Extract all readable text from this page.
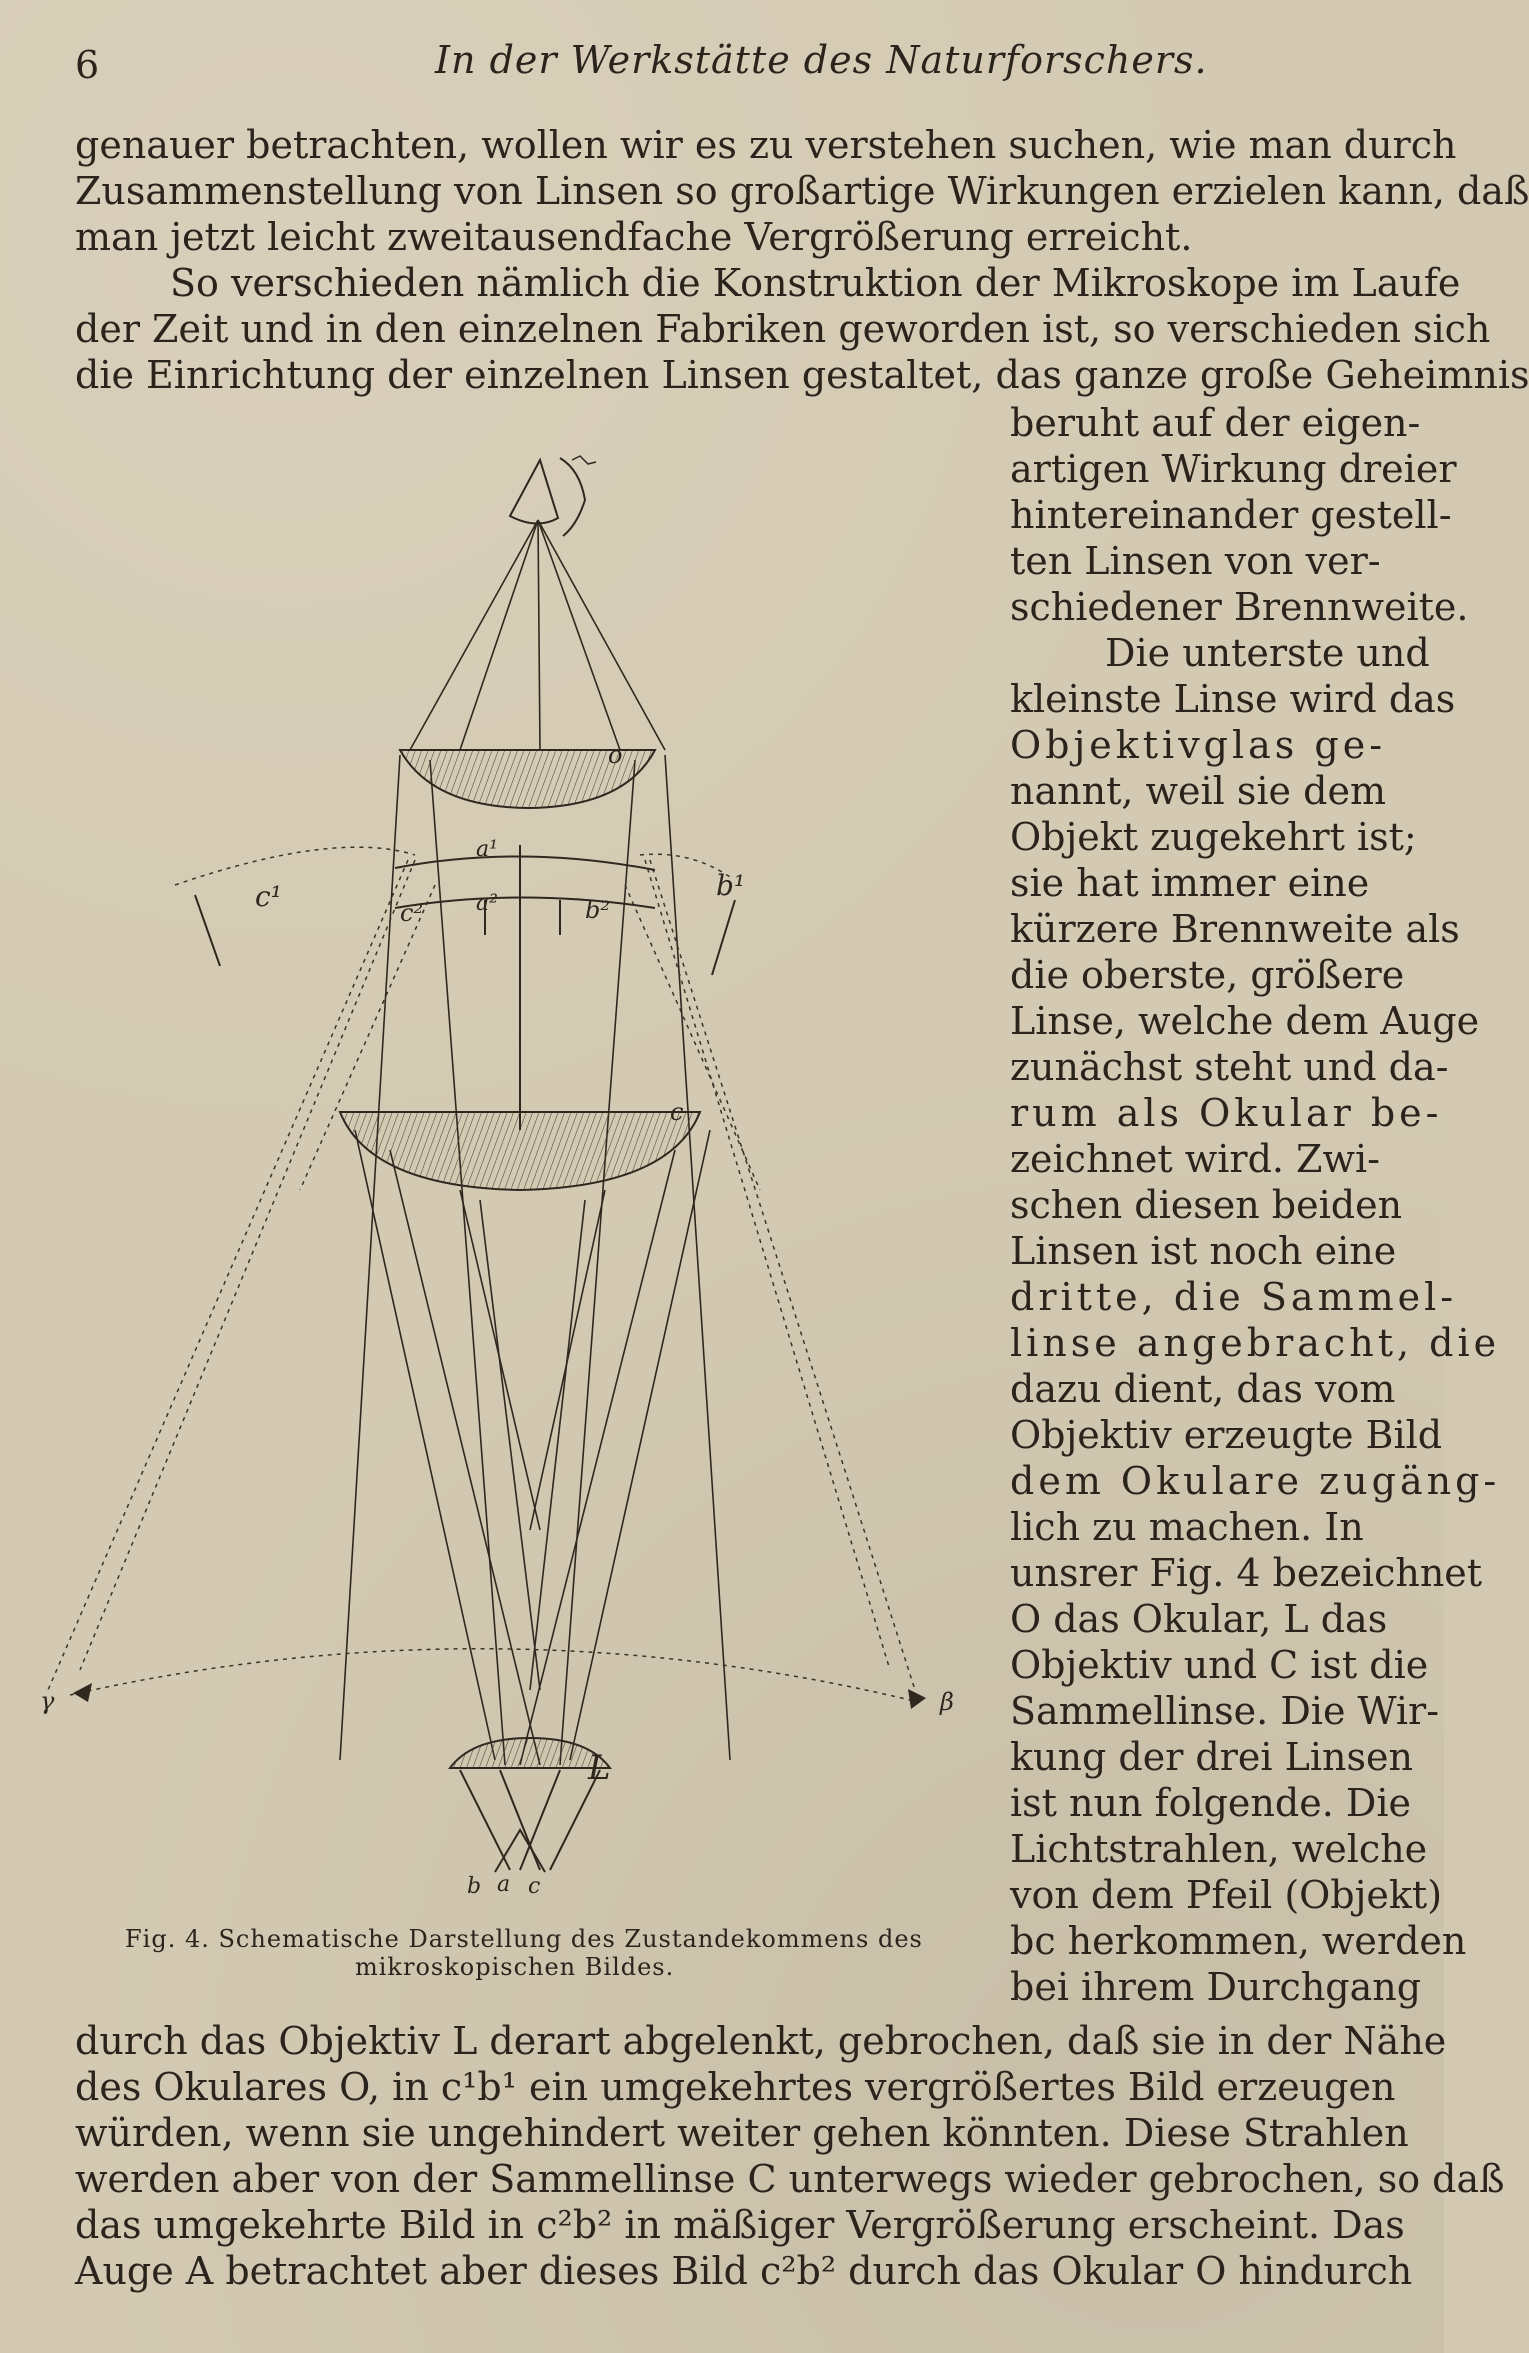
6	In der Werkstätte des Naturforschers.
genauer betrachten, wollen wir es zu verstehen suchen, wie man durch
Zusammenstellung von Linsen so großartige Wirkungen erzielen kann, daß
man jetzt leicht zweitausendfache Vergrößerung erreicht.
So verschieden nämlich die Konstruktion der Mikroskope im Laufe
der Zeit und in den einzelnen Fabriken geworden ist, so verschieden sich
die Einrichtung der einzelnen Linsen gestaltet, das ganze große Geheimnis
o
c¹	b¹
c²	b²
a¹
a²
c
γ	β
L
b a c
Fig. 4. Schematische Darstellung des Zustandekommens des
mikroskopischen Bildes.
beruht auf der eigen-
artigen Wirkung dreier
hintereinander gestell-
ten Linsen von ver-
schiedener Brennweite.
Die unterste und
kleinste Linse wird das
Objektivglas ge-
nannt, weil sie dem
Objekt zugekehrt ist;
sie hat immer eine
kürzere Brennweite als
die oberste, größere
Linse, welche dem Auge
zunächst steht und da-
rum als Okular be-
zeichnet wird. Zwi-
schen diesen beiden
Linsen ist noch eine
dritte, die Sammel-
linse angebracht, die
dazu dient, das vom
Objektiv erzeugte Bild
dem Okulare zugäng-
lich zu machen. In
unsrer Fig. 4 bezeichnet
O das Okular, L das
Objektiv und C ist die
Sammellinse. Die Wir-
kung der drei Linsen
ist nun folgende. Die
Lichtstrahlen, welche
von dem Pfeil (Objekt)
bc herkommen, werden
bei ihrem Durchgang
durch das Objektiv L derart abgelenkt, gebrochen, daß sie in der Nähe
des Okulares O, in c¹b¹ ein umgekehrtes vergrößertes Bild erzeugen
würden, wenn sie ungehindert weiter gehen könnten. Diese Strahlen
werden aber von der Sammellinse C unterwegs wieder gebrochen, so daß
das umgekehrte Bild in c²b² in mäßiger Vergrößerung erscheint. Das
Auge A betrachtet aber dieses Bild c²b² durch das Okular O hindurch
